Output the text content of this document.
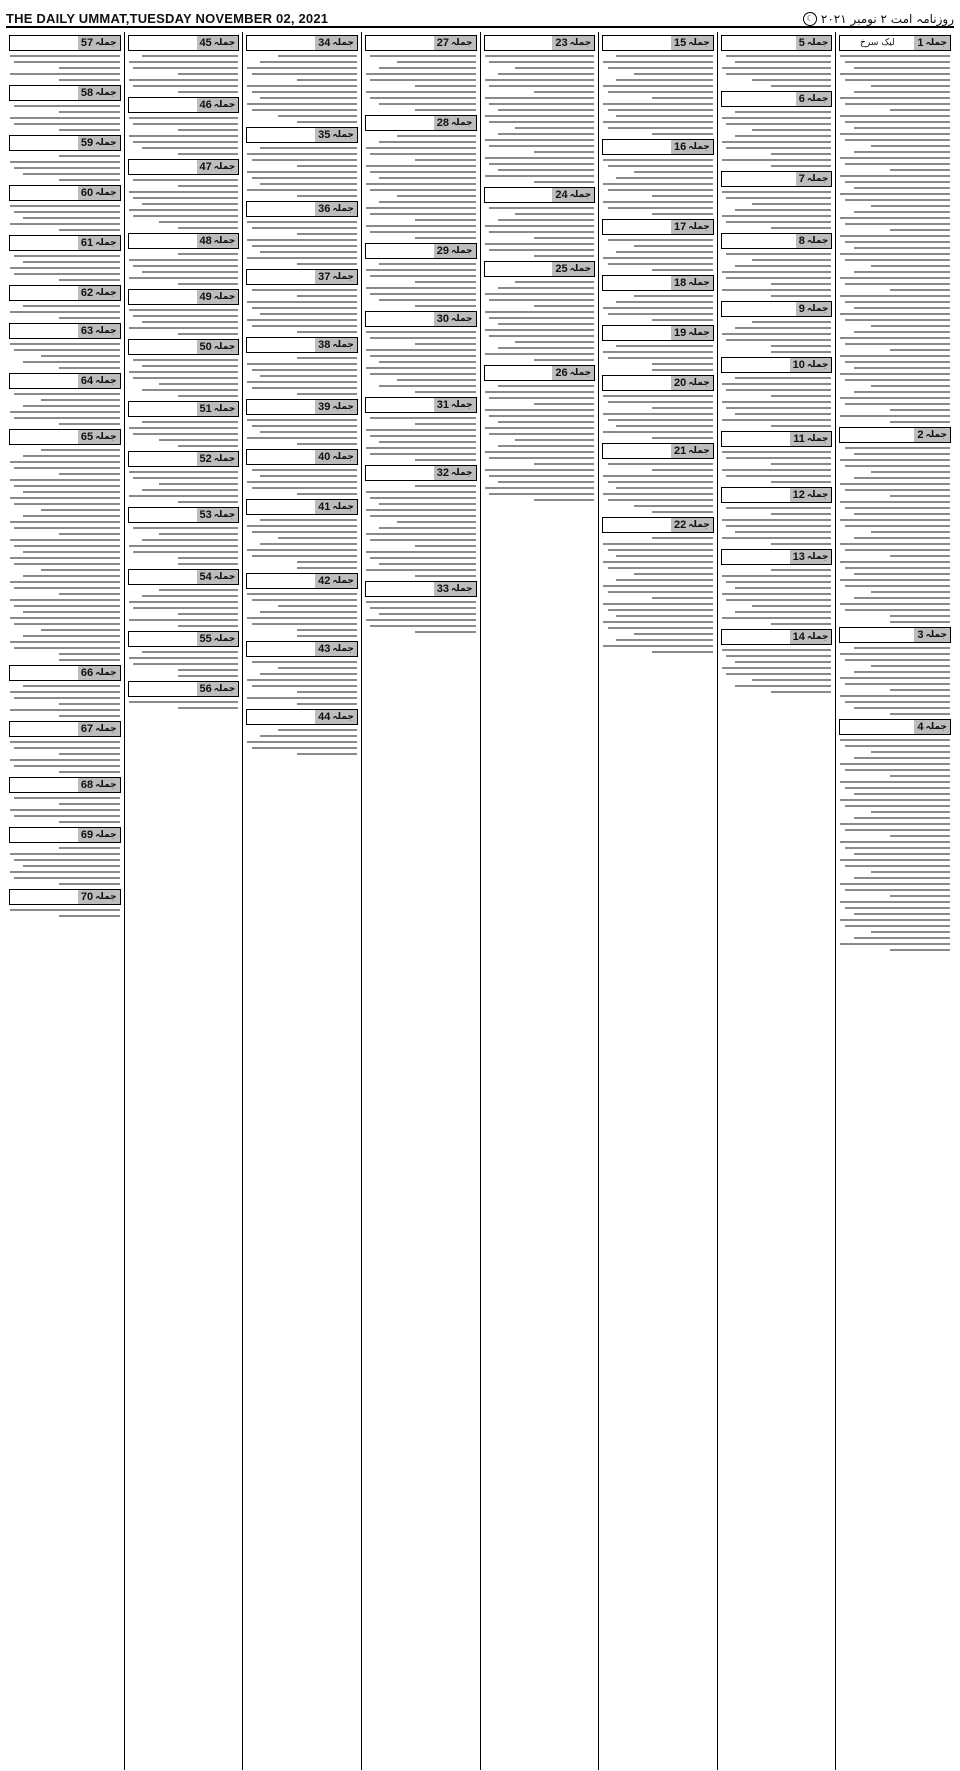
THE DAILY UMMAT,TUESDAY NOVEMBER 02, 2021	روزنامہ امت ۲ نومبر ۲۰۲۱
☾
جملہ
1
لیک سرخ
جملہ
2
جملہ
3
جملہ
4
جملہ
5
جملہ
6
جملہ
7
جملہ
8
جملہ
9
جملہ
10
جملہ
11
جملہ
12
جملہ
13
جملہ
14
جملہ
15
جملہ
16
جملہ
17
جملہ
18
جملہ
19
جملہ
20
جملہ
21
جملہ
22
جملہ
23
جملہ
24
جملہ
25
جملہ
26
جملہ
27
جملہ
28
جملہ
29
جملہ
30
جملہ
31
جملہ
32
جملہ
33
جملہ
34
جملہ
35
جملہ
36
جملہ
37
جملہ
38
جملہ
39
جملہ
40
جملہ
41
جملہ
42
جملہ
43
جملہ
44
جملہ
45
جملہ
46
جملہ
47
جملہ
48
جملہ
49
جملہ
50
جملہ
51
جملہ
52
جملہ
53
جملہ
54
جملہ
55
جملہ
56
جملہ
57
جملہ
58
جملہ
59
جملہ
60
جملہ
61
جملہ
62
جملہ
63
جملہ
64
جملہ
65
جملہ
66
جملہ
67
جملہ
68
جملہ
69
جملہ
70
